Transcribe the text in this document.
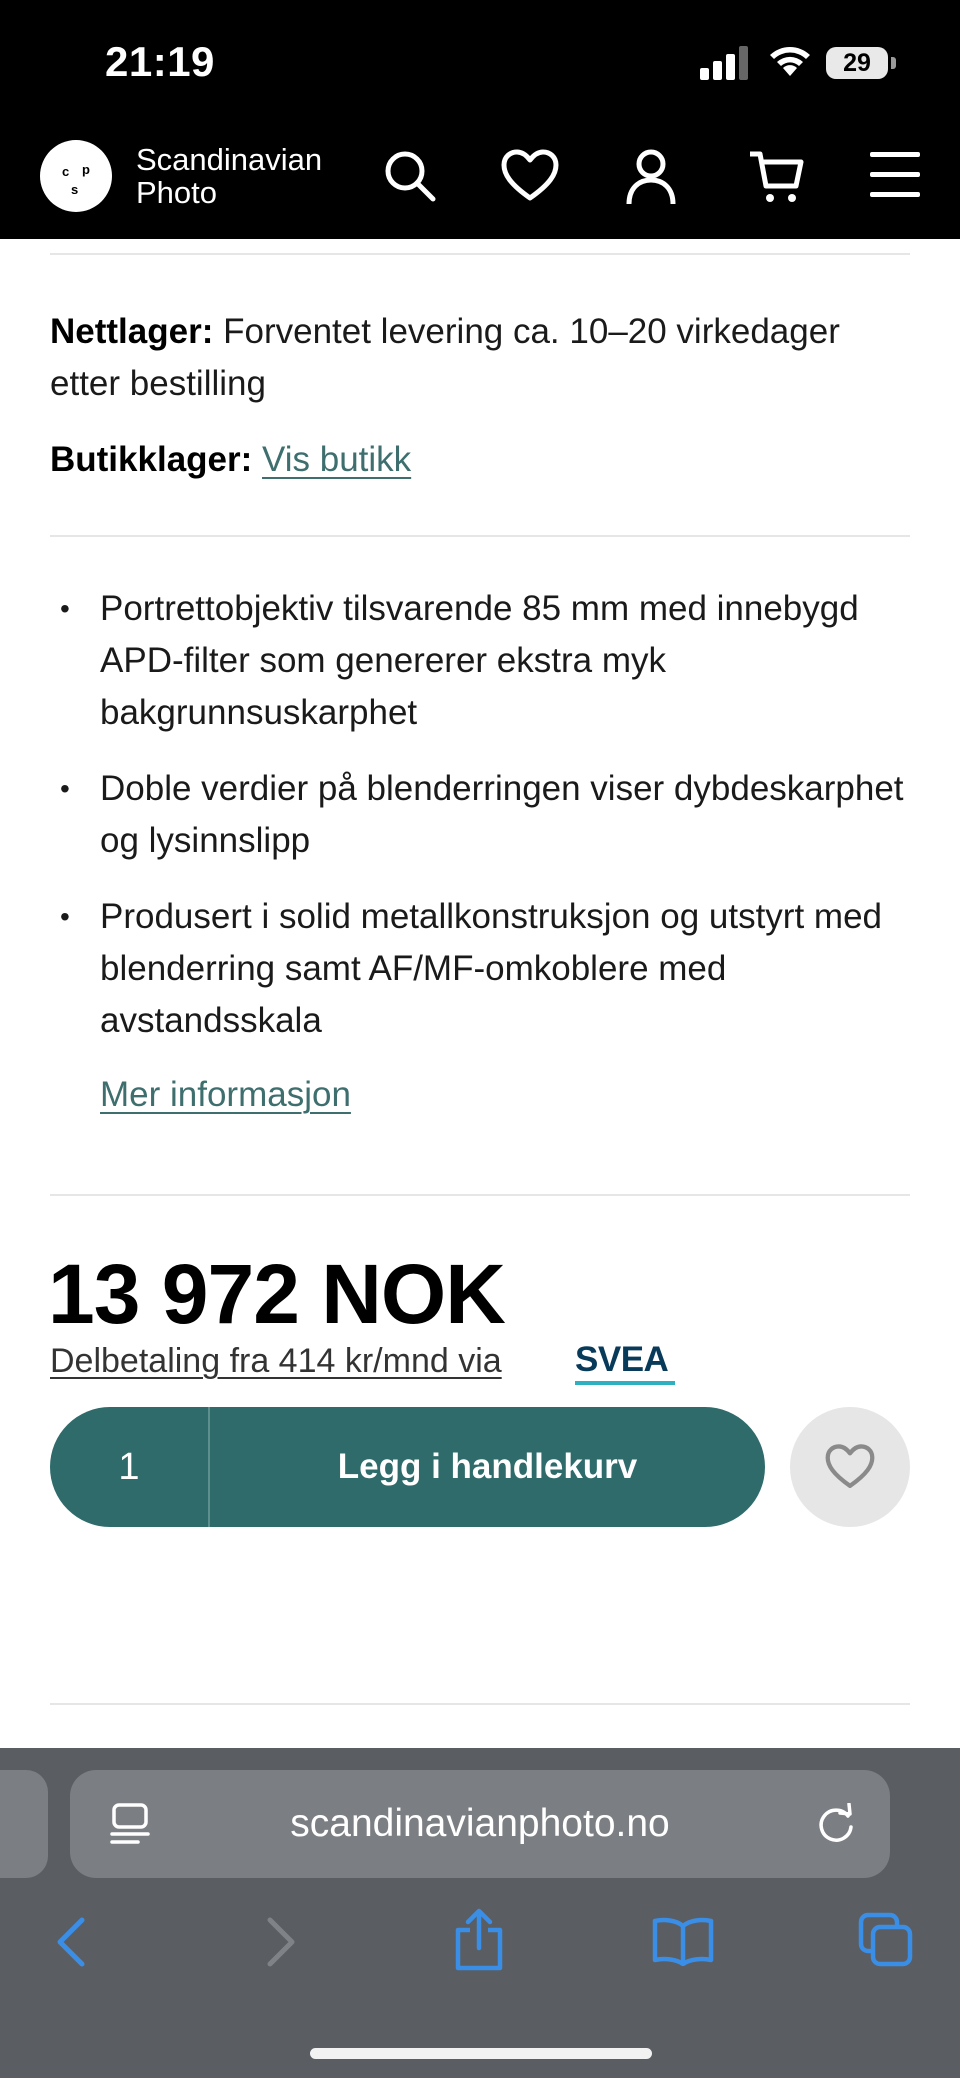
21:19	29
c p
s
Scandinavian
Photo
Nettlager: Forventet levering ca. 10–20 virkedager etter bestilling
Butikklager: Vis butikk
• Portrettobjektiv tilsvarende 85 mm med innebygd APD-filter som genererer ekstra myk bakgrunnsuskarphet
• Doble verdier på blenderringen viser dybdeskarphet og lysinnslipp
• Produsert i solid metallkonstruksjon og utstyrt med blenderring samt AF/MF-omkoblere med avstandsskala
Mer informasjon
13 972 NOK
Delbetaling fra 414 kr/mnd via SVEA
1	Legg i handlekurv
scandinavianphoto.no
